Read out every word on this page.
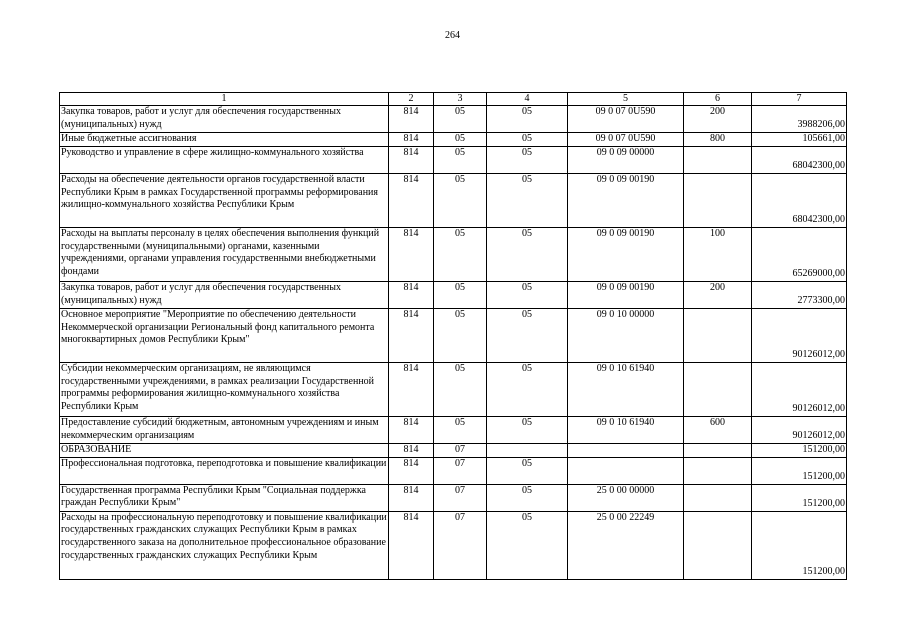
264
1	2	3	4	5	6	7
Закупка товаров, работ и услуг для обеспечения государственных (муниципальных) нужд	814	05	05	09 0 07 0U590	200	3988206,00
Иные бюджетные ассигнования	814	05	05	09 0 07 0U590	800	105661,00
Руководство и управление в сфере жилищно-коммунального хозяйства	814	05	05	09 0 09 00000		68042300,00
Расходы на обеспечение деятельности органов государственной власти Республики Крым в рамках Государственной программы реформирования жилищно-коммунального хозяйства Республики Крым	814	05	05	09 0 09 00190		68042300,00
Расходы на выплаты персоналу в целях обеспечения выполнения функций государственными (муниципальными) органами, казенными учреждениями, органами управления государственными внебюджетными фондами	814	05	05	09 0 09 00190	100	65269000,00
Закупка товаров, работ и услуг для обеспечения государственных (муниципальных) нужд	814	05	05	09 0 09 00190	200	2773300,00
Основное мероприятие "Мероприятие по обеспечению деятельности Некоммерческой организации Региональный фонд капитального ремонта многоквартирных домов Республики Крым"	814	05	05	09 0 10 00000		90126012,00
Субсидии некоммерческим организациям, не являющимся государственными учреждениями, в рамках реализации Государственной программы реформирования жилищно-коммунального хозяйства Республики Крым	814	05	05	09 0 10 61940		90126012,00
Предоставление субсидий бюджетным, автономным учреждениям и иным некоммерческим организациям	814	05	05	09 0 10 61940	600	90126012,00
ОБРАЗОВАНИЕ	814	07				151200,00
Профессиональная подготовка, переподготовка и повышение квалификации	814	07	05			151200,00
Государственная программа Республики Крым "Социальная поддержка граждан Республики Крым"	814	07	05	25 0 00 00000		151200,00
Расходы на профессиональную переподготовку и повышение квалификации государственных гражданских служащих Республики Крым в рамках государственного заказа на дополнительное профессиональное образование государственных гражданских служащих Республики Крым	814	07	05	25 0 00 22249		151200,00
